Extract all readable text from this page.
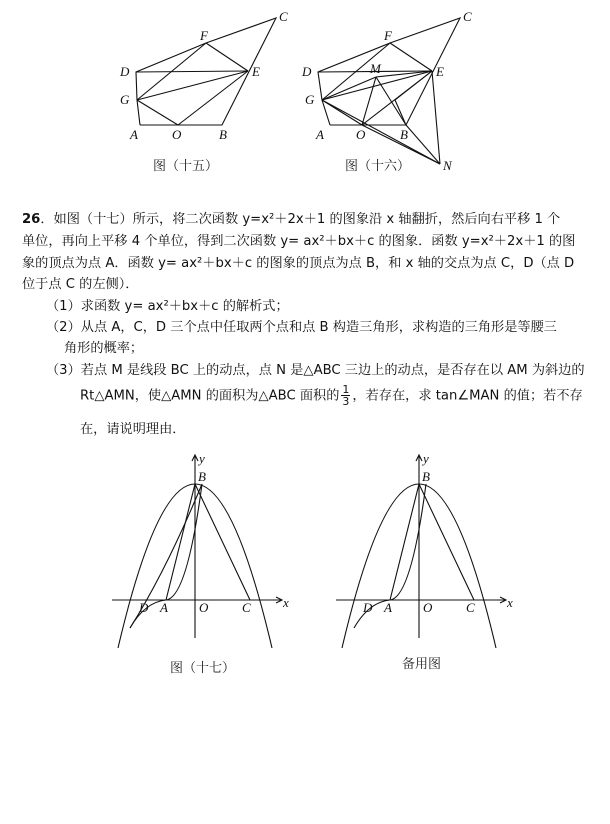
C
F
E
D
G
A	O	B
图（十五）
C
F
E
M
D
G
A O	B
N
图（十六）
26．如图（十七）所示，将二次函数 y=x²＋2x＋1 的图象沿 x 轴翻折，然后向右平移 1 个
单位，再向上平移 4 个单位，得到二次函数 y= ax²＋bx＋c 的图象．函数 y=x²＋2x＋1 的图
象的顶点为点 A．函数 y= ax²＋bx＋c 的图象的顶点为点 B，和 x 轴的交点为点 C，D（点 D
位于点 C 的左侧）．
（1）求函数 y= ax²＋bx＋c 的解析式；
（2）从点 A，C，D 三个点中任取两个点和点 B 构造三角形，求构造的三角形是等腰三
角形的概率；
（3）若点 M 是线段 BC 上的动点，点 N 是△ABC 三边上的动点，是否存在以 AM 为斜边的
Rt△AMN，使△AMN 的面积为△ABC 面积的 $\frac{1}{3}$ ，若存在，求 tan∠MAN 的值；若不存
在，请说明理由．
y
B
D A O	C x
图（十七）
y
B
D A O	C x
备用图
